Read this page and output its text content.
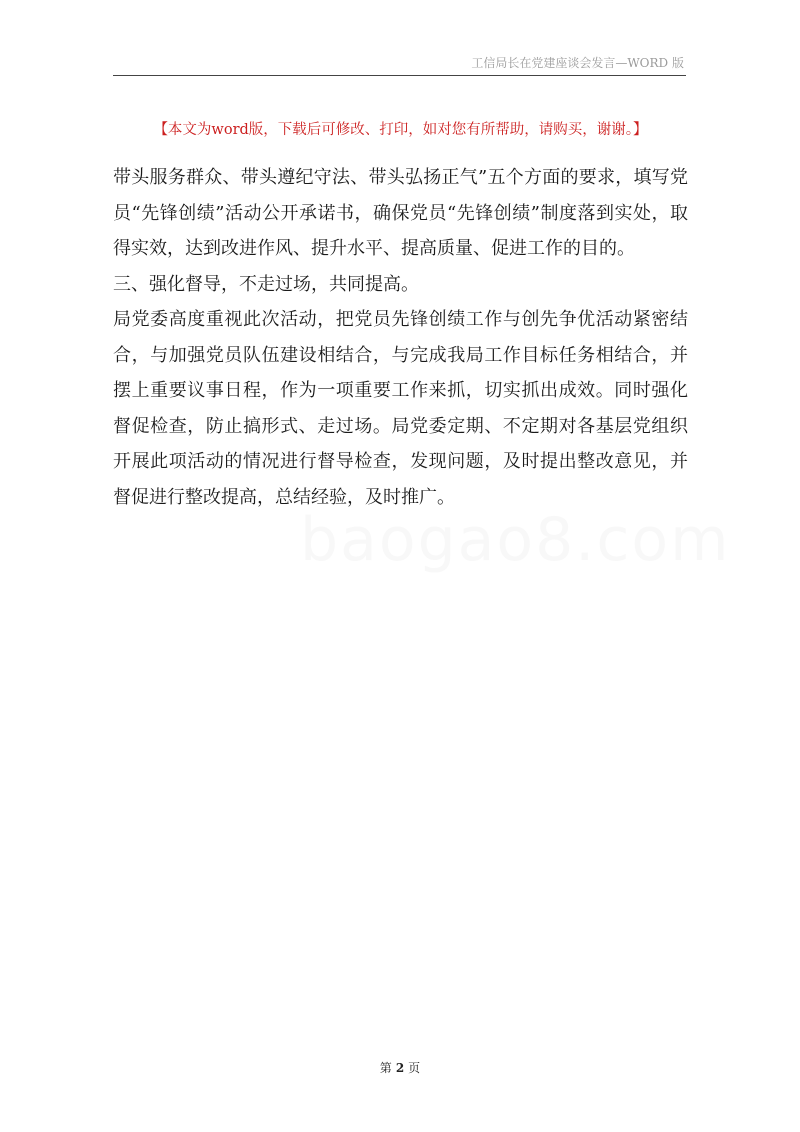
工信局长在党建座谈会发言—WORD 版
【本文为word版，下载后可修改、打印，如对您有所帮助，请购买，谢谢。】

带头服务群众、带头遵纪守法、带头弘扬正气”五个方面的要求，填写党员“先锋创绩”活动公开承诺书，确保党员“先锋创绩”制度落到实处，取得实效，达到改进作风、提升水平、提高质量、促进工作的目的。

三、强化督导，不走过场，共同提高。

局党委高度重视此次活动，把党员先锋创绩工作与创先争优活动紧密结合，与加强党员队伍建设相结合，与完成我局工作目标任务相结合，并摆上重要议事日程，作为一项重要工作来抓，切实抓出成效。同时强化督促检查，防止搞形式、走过场。局党委定期、不定期对各基层党组织开展此项活动的情况进行督导检查，发现问题，及时提出整改意见，并督促进行整改提高，总结经验，及时推广。

baogao8.com
第 2 页
